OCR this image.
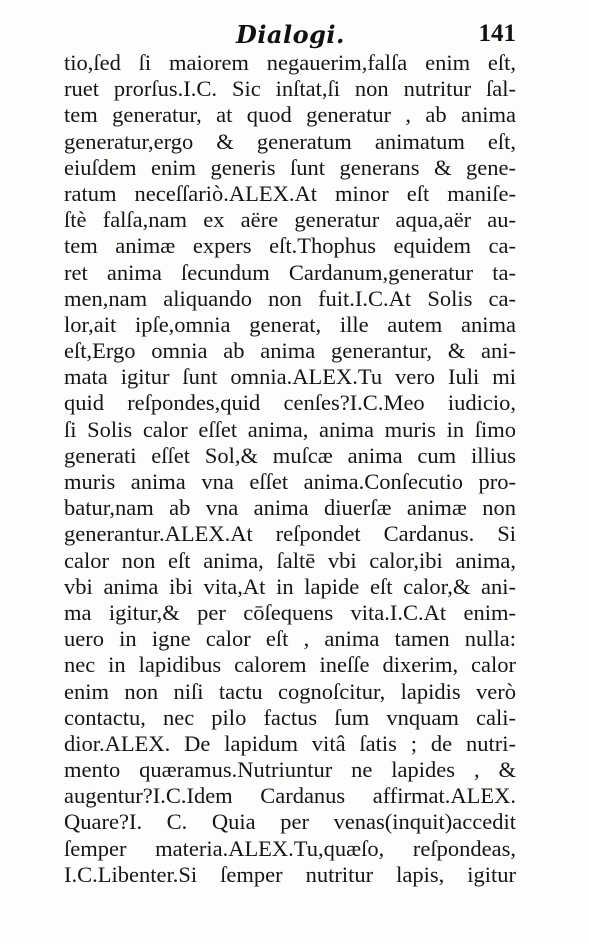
Dialogi.	141
tio,ſed ſi maiorem negauerim,falſa enim eſt,
ruet prorſus.I.C. Sic inſtat,ſi non nutritur ſal-
tem generatur, at quod generatur , ab anima
generatur,ergo & generatum animatum eſt,
eiuſdem enim generis ſunt generans & gene-
ratum neceſſariò.ALEX.At minor eſt maniſe-
ſtè falſa,nam ex aëre generatur aqua,aër au-
tem animæ expers eſt.Thophus equidem ca-
ret anima ſecundum Cardanum,generatur ta-
men,nam aliquando non fuit.I.C.At Solis ca-
lor,ait ipſe,omnia generat, ille autem anima
eſt,Ergo omnia ab anima generantur, & ani-
mata igitur ſunt omnia.ALEX.Tu vero Iuli mi
quid reſpondes,quid cenſes?I.C.Meo iudicio,
ſi Solis calor eſſet anima, anima muris in ſimo
generati eſſet Sol,& muſcæ anima cum illius
muris anima vna eſſet anima.Conſecutio pro-
batur,nam ab vna anima diuerſæ animæ non
generantur.ALEX.At reſpondet Cardanus. Si
calor non eſt anima, ſaltē vbi calor,ibi anima,
vbi anima ibi vita,At in lapide eſt calor,& ani-
ma igitur,& per cōſequens vita.I.C.At enim-
uero in igne calor eſt , anima tamen nulla:
nec in lapidibus calorem ineſſe dixerim, calor
enim non niſi tactu cognoſcitur, lapidis verò
contactu, nec pilo factus ſum vnquam cali-
dior.ALEX. De lapidum vitâ ſatis ; de nutri-
mento quæramus.Nutriuntur ne lapides , &
augentur?I.C.Idem Cardanus affirmat.ALEX.
Quare?I. C. Quia per venas(inquit)accedit
ſemper materia.ALEX.Tu,quæſo, reſpondeas,
I.C.Libenter.Si ſemper nutritur lapis, igitur
